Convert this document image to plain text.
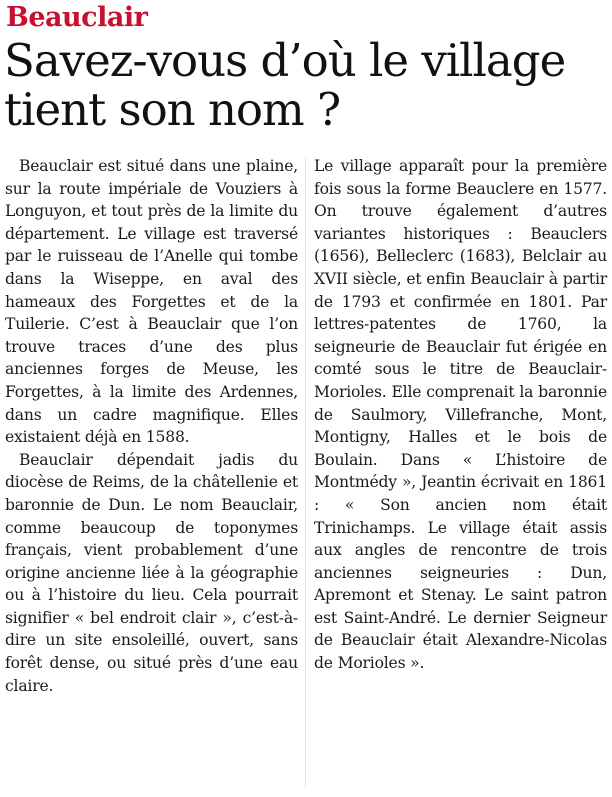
Beauclair
Savez-vous d’où le village tient son nom ?

Beauclair est situé dans une plaine, sur la route impériale de Vouziers à Longuyon, et tout près de la limite du département. Le village est traversé par le ruisseau de l’Anelle qui tombe dans la Wiseppe, en aval des hameaux des Forgettes et de la Tuilerie. C’est à Beauclair que l’on trouve traces d’une des plus anciennes forges de Meuse, les Forgettes, à la limite des Ardennes, dans un cadre magnifique. Elles existaient déjà en 1588.

Beauclair dépendait jadis du diocèse de Reims, de la châtellenie et baronnie de Dun. Le nom Beauclair, comme beaucoup de toponymes français, vient probablement d’une origine ancienne liée à la géographie ou à l’histoire du lieu. Cela pourrait signifier « bel endroit clair », c’est-à-dire un site ensoleillé, ouvert, sans forêt dense, ou situé près d’une eau claire.

Le village apparaît pour la première fois sous la forme Beauclere en 1577. On trouve également d’autres variantes historiques : Beauclers (1656), Belleclerc (1683), Belclair au XVII siècle, et enfin Beauclair à partir de 1793 et confirmée en 1801. Par lettres-patentes de 1760, la seigneurie de Beauclair fut érigée en comté sous le titre de Beauclair-Morioles. Elle comprenait la baronnie de Saulmory, Villefranche, Mont, Montigny, Halles et le bois de Boulain. Dans « L’histoire de Montmédy », Jeantin écrivait en 1861 : « Son ancien nom était Trinichamps. Le village était assis aux angles de rencontre de trois anciennes seigneuries : Dun, Apremont et Stenay. Le saint patron est Saint-André. Le dernier Seigneur de Beauclair était Alexandre-Nicolas de Morioles ».
